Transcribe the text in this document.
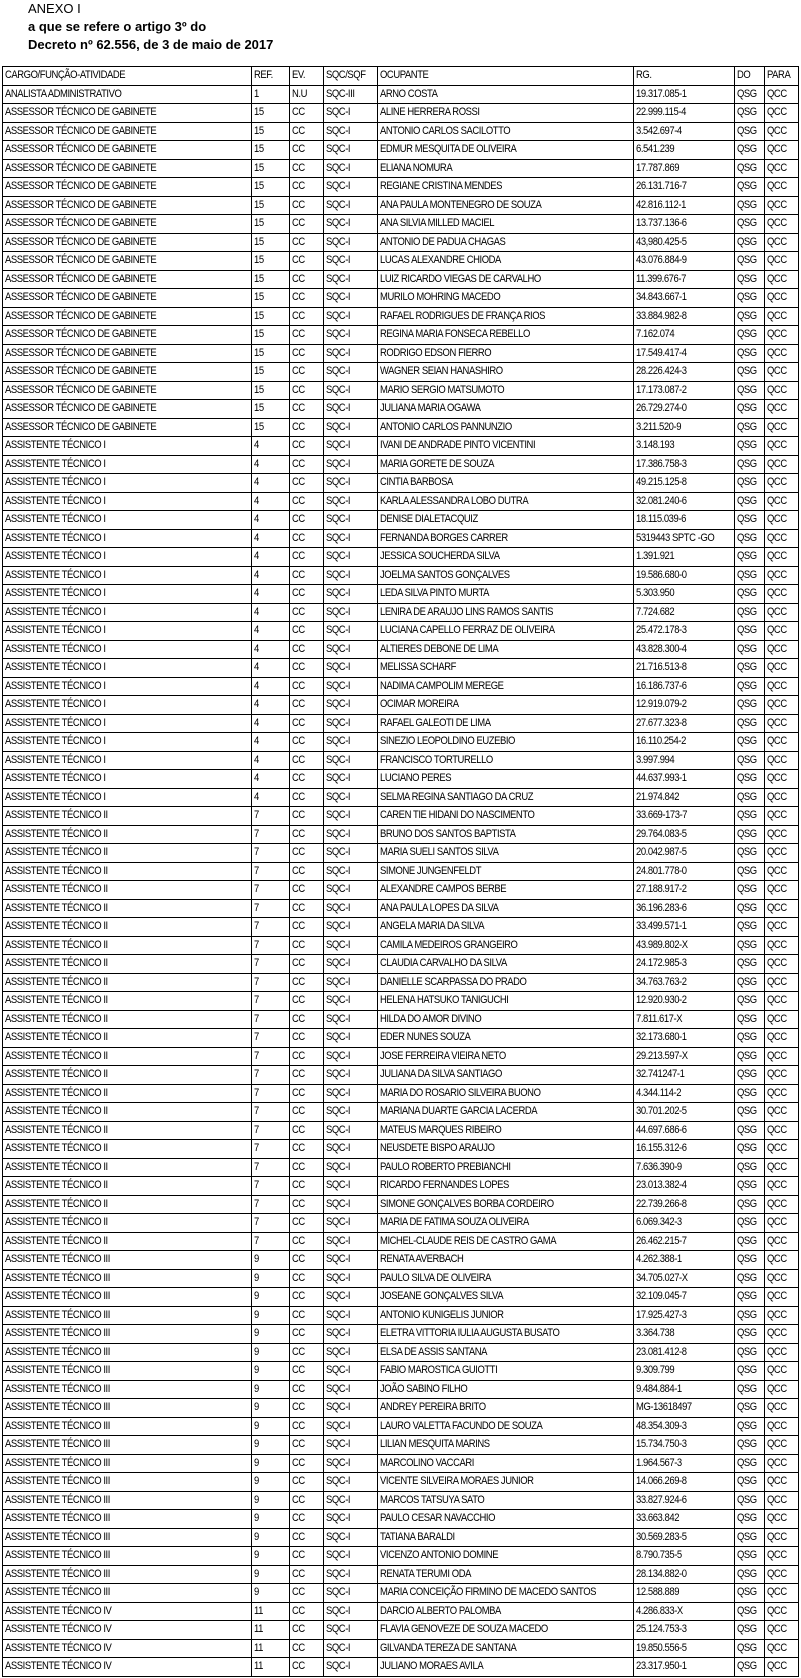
ANEXO I
a que se refere o artigo 3º do
Decreto nº 62.556, de 3 de maio de 2017
CARGO/FUNÇÃO-ATIVIDADE	REF.	EV.	SQC/SQF	OCUPANTE	RG.	DO	PARA
ANALISTA ADMINISTRATIVO	1	N.U	SQC-III	ARNO COSTA	19.317.085-1	QSG	QCC
ASSESSOR TÉCNICO DE GABINETE	15	CC	SQC-I	ALINE HERRERA ROSSI	22.999.115-4	QSG	QCC
ASSESSOR TÉCNICO DE GABINETE	15	CC	SQC-I	ANTONIO CARLOS SACILOTTO	3.542.697-4	QSG	QCC
ASSESSOR TÉCNICO DE GABINETE	15	CC	SQC-I	EDMUR MESQUITA DE OLIVEIRA	6.541.239	QSG	QCC
ASSESSOR TÉCNICO DE GABINETE	15	CC	SQC-I	ELIANA NOMURA	17.787.869	QSG	QCC
ASSESSOR TÉCNICO DE GABINETE	15	CC	SQC-I	REGIANE CRISTINA MENDES	26.131.716-7	QSG	QCC
ASSESSOR TÉCNICO DE GABINETE	15	CC	SQC-I	ANA PAULA MONTENEGRO DE SOUZA	42.816.112-1	QSG	QCC
ASSESSOR TÉCNICO DE GABINETE	15	CC	SQC-I	ANA SILVIA MILLED MACIEL	13.737.136-6	QSG	QCC
ASSESSOR TÉCNICO DE GABINETE	15	CC	SQC-I	ANTONIO DE PADUA CHAGAS	43,980.425-5	QSG	QCC
ASSESSOR TÉCNICO DE GABINETE	15	CC	SQC-I	LUCAS ALEXANDRE CHIODA	43.076.884-9	QSG	QCC
ASSESSOR TÉCNICO DE GABINETE	15	CC	SQC-I	LUIZ RICARDO VIEGAS DE CARVALHO	11.399.676-7	QSG	QCC
ASSESSOR TÉCNICO DE GABINETE	15	CC	SQC-I	MURILO MOHRING MACEDO	34.843.667-1	QSG	QCC
ASSESSOR TÉCNICO DE GABINETE	15	CC	SQC-I	RAFAEL RODRIGUES DE FRANÇA RIOS	33.884.982-8	QSG	QCC
ASSESSOR TÉCNICO DE GABINETE	15	CC	SQC-I	REGINA MARIA FONSECA REBELLO	7.162.074	QSG	QCC
ASSESSOR TÉCNICO DE GABINETE	15	CC	SQC-I	RODRIGO EDSON FIERRO	17.549.417-4	QSG	QCC
ASSESSOR TÉCNICO DE GABINETE	15	CC	SQC-I	WAGNER SEIAN HANASHIRO	28.226.424-3	QSG	QCC
ASSESSOR TÉCNICO DE GABINETE	15	CC	SQC-I	MARIO SERGIO MATSUMOTO	17.173.087-2	QSG	QCC
ASSESSOR TÉCNICO DE GABINETE	15	CC	SQC-I	JULIANA MARIA OGAWA	26.729.274-0	QSG	QCC
ASSESSOR TÉCNICO DE GABINETE	15	CC	SQC-I	ANTONIO CARLOS PANNUNZIO	3.211.520-9	QSG	QCC
ASSISTENTE TÉCNICO I	4	CC	SQC-I	IVANI DE ANDRADE PINTO VICENTINI	3.148.193	QSG	QCC
ASSISTENTE TÉCNICO I	4	CC	SQC-I	MARIA GORETE DE SOUZA	17.386.758-3	QSG	QCC
ASSISTENTE TÉCNICO I	4	CC	SQC-I	CINTIA BARBOSA	49.215.125-8	QSG	QCC
ASSISTENTE TÉCNICO I	4	CC	SQC-I	KARLA ALESSANDRA LOBO DUTRA	32.081.240-6	QSG	QCC
ASSISTENTE TÉCNICO I	4	CC	SQC-I	DENISE DIALETACQUIZ	18.115.039-6	QSG	QCC
ASSISTENTE TÉCNICO I	4	CC	SQC-I	FERNANDA BORGES CARRER	5319443 SPTC -GO	QSG	QCC
ASSISTENTE TÉCNICO I	4	CC	SQC-I	JESSICA SOUCHERDA SILVA	1.391.921	QSG	QCC
ASSISTENTE TÉCNICO I	4	CC	SQC-I	JOELMA SANTOS GONÇALVES	19.586.680-0	QSG	QCC
ASSISTENTE TÉCNICO I	4	CC	SQC-I	LEDA SILVA PINTO MURTA	5.303.950	QSG	QCC
ASSISTENTE TÉCNICO I	4	CC	SQC-I	LENIRA DE ARAUJO LINS RAMOS SANTIS	7.724.682	QSG	QCC
ASSISTENTE TÉCNICO I	4	CC	SQC-I	LUCIANA CAPELLO FERRAZ DE OLIVEIRA	25.472.178-3	QSG	QCC
ASSISTENTE TÉCNICO I	4	CC	SQC-I	ALTIERES DEBONE DE LIMA	43.828.300-4	QSG	QCC
ASSISTENTE TÉCNICO I	4	CC	SQC-I	MELISSA SCHARF	21.716.513-8	QSG	QCC
ASSISTENTE TÉCNICO I	4	CC	SQC-I	NADIMA CAMPOLIM MEREGE	16.186.737-6	QSG	QCC
ASSISTENTE TÉCNICO I	4	CC	SQC-I	OCIMAR MOREIRA	12.919.079-2	QSG	QCC
ASSISTENTE TÉCNICO I	4	CC	SQC-I	RAFAEL GALEOTI DE LIMA	27.677.323-8	QSG	QCC
ASSISTENTE TÉCNICO I	4	CC	SQC-I	SINEZIO LEOPOLDINO EUZEBIO	16.110.254-2	QSG	QCC
ASSISTENTE TÉCNICO I	4	CC	SQC-I	FRANCISCO TORTURELLO	3.997.994	QSG	QCC
ASSISTENTE TÉCNICO I	4	CC	SQC-I	LUCIANO PERES	44.637.993-1	QSG	QCC
ASSISTENTE TÉCNICO I	4	CC	SQC-I	SELMA REGINA SANTIAGO DA CRUZ	21.974.842	QSG	QCC
ASSISTENTE TÉCNICO II	7	CC	SQC-I	CAREN TIE HIDANI DO NASCIMENTO	33.669-173-7	QSG	QCC
ASSISTENTE TÉCNICO II	7	CC	SQC-I	BRUNO DOS SANTOS BAPTISTA	29.764.083-5	QSG	QCC
ASSISTENTE TÉCNICO II	7	CC	SQC-I	MARIA SUELI SANTOS SILVA	20.042.987-5	QSG	QCC
ASSISTENTE TÉCNICO II	7	CC	SQC-I	SIMONE JUNGENFELDT	24.801.778-0	QSG	QCC
ASSISTENTE TÉCNICO II	7	CC	SQC-I	ALEXANDRE CAMPOS BERBE	27.188.917-2	QSG	QCC
ASSISTENTE TÉCNICO II	7	CC	SQC-I	ANA PAULA LOPES DA SILVA	36.196.283-6	QSG	QCC
ASSISTENTE TÉCNICO II	7	CC	SQC-I	ANGELA MARIA DA SILVA	33.499.571-1	QSG	QCC
ASSISTENTE TÉCNICO II	7	CC	SQC-I	CAMILA MEDEIROS GRANGEIRO	43.989.802-X	QSG	QCC
ASSISTENTE TÉCNICO II	7	CC	SQC-I	CLAUDIA CARVALHO DA SILVA	24.172.985-3	QSG	QCC
ASSISTENTE TÉCNICO II	7	CC	SQC-I	DANIELLE SCARPASSA DO PRADO	34.763.763-2	QSG	QCC
ASSISTENTE TÉCNICO II	7	CC	SQC-I	HELENA HATSUKO TANIGUCHI	12.920.930-2	QSG	QCC
ASSISTENTE TÉCNICO II	7	CC	SQC-I	HILDA DO AMOR DIVINO	7.811.617-X	QSG	QCC
ASSISTENTE TÉCNICO II	7	CC	SQC-I	EDER NUNES SOUZA	32.173.680-1	QSG	QCC
ASSISTENTE TÉCNICO II	7	CC	SQC-I	JOSE FERREIRA VIEIRA NETO	29.213.597-X	QSG	QCC
ASSISTENTE TÉCNICO II	7	CC	SQC-I	JULIANA DA SILVA SANTIAGO	32.741247-1	QSG	QCC
ASSISTENTE TÉCNICO II	7	CC	SQC-I	MARIA DO ROSARIO SILVEIRA BUONO	4.344.114-2	QSG	QCC
ASSISTENTE TÉCNICO II	7	CC	SQC-I	MARIANA DUARTE GARCIA LACERDA	30.701.202-5	QSG	QCC
ASSISTENTE TÉCNICO II	7	CC	SQC-I	MATEUS MARQUES RIBEIRO	44.697.686-6	QSG	QCC
ASSISTENTE TÉCNICO II	7	CC	SQC-I	NEUSDETE BISPO ARAUJO	16.155.312-6	QSG	QCC
ASSISTENTE TÉCNICO II	7	CC	SQC-I	PAULO ROBERTO PREBIANCHI	7.636.390-9	QSG	QCC
ASSISTENTE TÉCNICO II	7	CC	SQC-I	RICARDO FERNANDES LOPES	23.013.382-4	QSG	QCC
ASSISTENTE TÉCNICO II	7	CC	SQC-I	SIMONE GONÇALVES BORBA CORDEIRO	22.739.266-8	QSG	QCC
ASSISTENTE TÉCNICO II	7	CC	SQC-I	MARIA DE FATIMA SOUZA OLIVEIRA	6.069.342-3	QSG	QCC
ASSISTENTE TÉCNICO II	7	CC	SQC-I	MICHEL-CLAUDE REIS DE CASTRO GAMA	26.462.215-7	QSG	QCC
ASSISTENTE TÉCNICO III	9	CC	SQC-I	RENATA AVERBACH	4.262.388-1	QSG	QCC
ASSISTENTE TÉCNICO III	9	CC	SQC-I	PAULO SILVA DE OLIVEIRA	34.705.027-X	QSG	QCC
ASSISTENTE TÉCNICO III	9	CC	SQC-I	JOSEANE GONÇALVES SILVA	32.109.045-7	QSG	QCC
ASSISTENTE TÉCNICO III	9	CC	SQC-I	ANTONIO KUNIGELIS JUNIOR	17.925.427-3	QSG	QCC
ASSISTENTE TÉCNICO III	9	CC	SQC-I	ELETRA VITTORIA IULIA AUGUSTA BUSATO	3.364.738	QSG	QCC
ASSISTENTE TÉCNICO III	9	CC	SQC-I	ELSA DE ASSIS SANTANA	23.081.412-8	QSG	QCC
ASSISTENTE TÉCNICO III	9	CC	SQC-I	FABIO MAROSTICA GUIOTTI	9.309.799	QSG	QCC
ASSISTENTE TÉCNICO III	9	CC	SQC-I	JOÃO SABINO FILHO	9.484.884-1	QSG	QCC
ASSISTENTE TÉCNICO III	9	CC	SQC-I	ANDREY PEREIRA BRITO	MG-13618497	QSG	QCC
ASSISTENTE TÉCNICO III	9	CC	SQC-I	LAURO VALETTA FACUNDO DE SOUZA	48.354.309-3	QSG	QCC
ASSISTENTE TÉCNICO III	9	CC	SQC-I	LILIAN MESQUITA MARINS	15.734.750-3	QSG	QCC
ASSISTENTE TÉCNICO III	9	CC	SQC-I	MARCOLINO VACCARI	1.964.567-3	QSG	QCC
ASSISTENTE TÉCNICO III	9	CC	SQC-I	VICENTE SILVEIRA MORAES JUNIOR	14.066.269-8	QSG	QCC
ASSISTENTE TÉCNICO III	9	CC	SQC-I	MARCOS TATSUYA SATO	33.827.924-6	QSG	QCC
ASSISTENTE TÉCNICO III	9	CC	SQC-I	PAULO CESAR NAVACCHIO	33.663.842	QSG	QCC
ASSISTENTE TÉCNICO III	9	CC	SQC-I	TATIANA BARALDI	30.569.283-5	QSG	QCC
ASSISTENTE TÉCNICO III	9	CC	SQC-I	VICENZO ANTONIO DOMINE	8.790.735-5	QSG	QCC
ASSISTENTE TÉCNICO III	9	CC	SQC-I	RENATA TERUMI ODA	28.134.882-0	QSG	QCC
ASSISTENTE TÉCNICO III	9	CC	SQC-I	MARIA CONCEIÇÃO FIRMINO DE MACEDO SANTOS	12.588.889	QSG	QCC
ASSISTENTE TÉCNICO IV	11	CC	SQC-I	DARCIO ALBERTO PALOMBA	4.286.833-X	QSG	QCC
ASSISTENTE TÉCNICO IV	11	CC	SQC-I	FLAVIA GENOVEZE DE SOUZA MACEDO	25.124.753-3	QSG	QCC
ASSISTENTE TÉCNICO IV	11	CC	SQC-I	GILVANDA TEREZA DE SANTANA	19.850.556-5	QSG	QCC
ASSISTENTE TÉCNICO IV	11	CC	SQC-I	JULIANO MORAES AVILA	23.317.950-1	QSG	QCC
